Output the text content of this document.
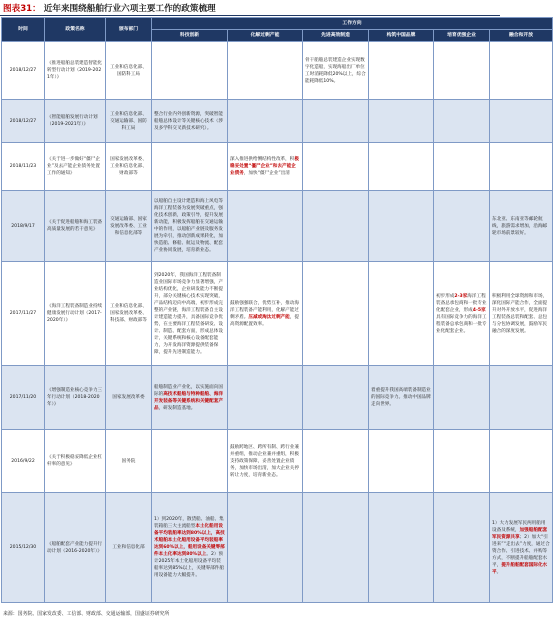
图表31： 近年来围绕船舶行业六项主要工作的政策梳理
时间	政策名称	颁布部门	工作方向					
			科技创新	化解过剩产能	先进高效制造	构筑中国品牌	培育优强企业	融合和开放
2018/12/27	《推进船舶总装建造智能化转型行动计划（2019-2021年）》	工业和信息化部、国防科工局			骨干船舶总装建造企业实现数字化造船，实现海船出厂单位工时消耗降低20%以上，综合能耗降低10%。			
2018/12/27	《智能船舶发展行动计划（2019-2021年）》	工业和信息化部、交通运输部、国防科工局	整合行业内外创新资源，突破智能船舶总体设计等关键核心技术（涉及多学科交叉新技术研究）。					
2018/11/23	《关于进一步做好“僵尸企业”及去产能企业债务处置工作的通知》	国家发展改革委、工业和信息化部、财政部等		深入推进供给侧结构性改革，积极稳妥处置“僵尸企业”和去产能企业债务，加快“僵尸企业”出清				
2018/9/17	《关于促进船舶和海工装备高质量发展的若干意见》	交通运输部、国家发展改革委、工业和信息化部等	以船舶自主设计建造和海上风电等海洋工程装备为发展突破重点，强化技术创新，政策引导，提升发展新动能，积极发挥船舶在交通运输中的作用，以船舶产业链及服务发展为牵引，推动创新成果转化，加快造船、修船、航运及物流、配套产业协同发展，培育新业态。					东北亚、东南亚等邮轮航线，旅游需求增加，沿海邮轮市场前景较好。
2017/11/27	《海洋工程装备制造业持续健康发展行动计划（2017-2020年）》	工业和信息化部、国家发展改革委、科技部、财政部等	到2020年，我国海洋工程装备制造业国际市场竞争力显著增强，产业结构优化，企业研发能力不断提升，部分关键核心技术实现突破，产品结构迈向中高端，初步形成完整的产业链，海洋工程装备自主设计建造能力提升，具备国际竞争优势，在主要海洋工程装备研发、设计、制造、配套方面，形成总体设计，关键系统和核心设备配套能力，为开发海洋资源提供装备保障，提升先进制造能力。	鼓励强强联合，优势互补，推动海洋工程装备产能利用，化解产能过剩矛盾。压减或淘汰过剩产能，提高资源配置效率。			初步形成2-3家海洋工程装备总承包商和一批专业化配套企业，形成4-5家具有国际竞争力的海洋工程装备总承包商和一批专业化配套企业。	积极利用全球资源和市场，深化国际产能合作，全面提升对外开放水平，促进海洋工程装备总装和配套、总包与分包协调发展，鼓励军民融合的深度发展。
2017/11/20	《增强制造业核心竞争力三年行动计划（2018-2020年）》	国家发展改革委	船舶制造业产业化，以实施面向国际的高技术船舶与特种船舶、海洋开发装备等关键系统和关键配套产品，研发制造基地。			着重提升我国高端装备制造业的国际竞争力。推动中国品牌走向世界。		
2016/9/22	《关于积极稳妥降低企业杠杆率的意见》	国务院		鼓励跨地区、跨所有制、跨行业兼并重组，推动企业兼并重组，积极支持政策保障，妥善处置企业债务，加快市场出清，加大企业关停转让力度，培育新业态。				
2015/12/30	《船舶配套产业能力提升行动计划（2016-2020年）》	工业和信息化部	1）到2020年，散货船、油船、集装箱船三大主流船型本土化船用设备平均装船率达到80%以上，高技术船舶本土化船用设备平均装船率达到60%以上，船用设备关键零部件本土化率达到80%以上。2）预计2025年本土化船用设备平均装船率达到85%以上，关键零部件船用设备能力大幅提升。					1）大力发展军民两用船用设备及系统，加强船舶配套军民资源共享；2）加大“引进来”“走出去”力度，通过合资合作、引进技术、并购等方式，不断提升船舶配套水平，提升船舶配套国际化水平。
来源：国务院、国家发改委、工信部、财政部、交通运输部，国盛证券研究所
